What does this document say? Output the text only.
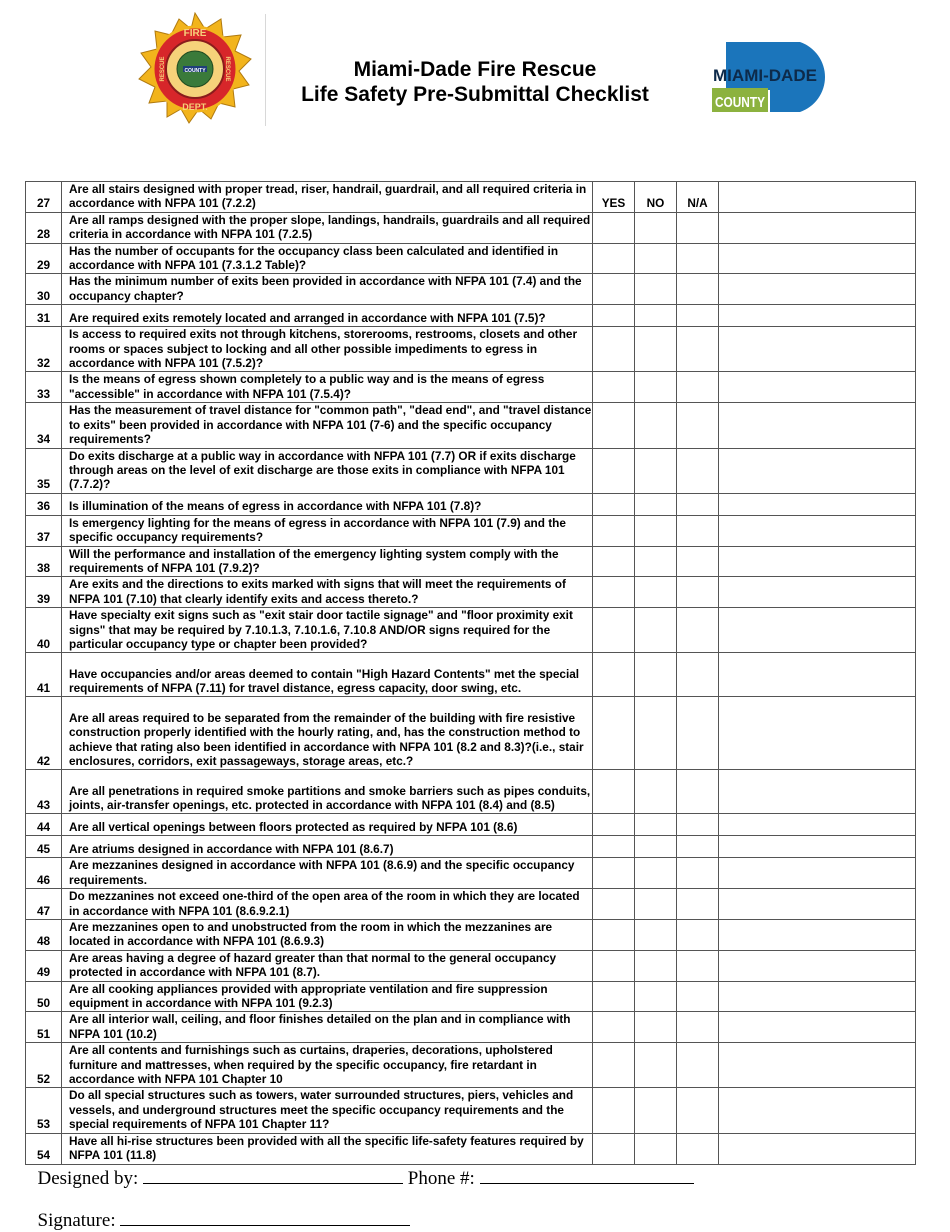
FIRE
DEPT.
COUNTY
RESCUE	RESCUE	Miami-Dade Fire Rescue
Life Safety Pre-Submittal Checklist
MIAMI-DADE
COUNTY
27	Are all stairs designed with proper tread, riser, handrail, guardrail, and all required criteria in accordance with NFPA 101 (7.2.2)	YES	NO	N/A	
28	Are all ramps designed with the proper slope, landings, handrails, guardrails and all required criteria in accordance with NFPA 101 (7.2.5)				
29	Has the number of occupants for the occupancy class been calculated and identified in accordance with NFPA 101 (7.3.1.2 Table)?				
30	Has the minimum number of exits been provided in accordance with NFPA 101 (7.4) and the occupancy chapter?				
31	Are required exits remotely located and arranged in accordance with NFPA 101 (7.5)?				
32	Is access to required exits not through kitchens, storerooms, restrooms, closets and other rooms or spaces subject to locking and all other possible impediments to egress in accordance with NFPA 101 (7.5.2)?				
33	Is the means of egress shown completely to a public way and is the means of egress "accessible" in accordance with NFPA 101 (7.5.4)?				
34	Has the measurement of travel distance for "common path", "dead end", and "travel distance to exits" been provided in accordance with NFPA 101 (7-6) and the specific occupancy requirements?				
35	Do exits discharge at a public way in accordance with NFPA 101 (7.7) OR if exits discharge through areas on the level of exit discharge are those exits in compliance with NFPA 101 (7.7.2)?				
36	Is illumination of the means of egress in accordance with NFPA 101 (7.8)?				
37	Is emergency lighting for the means of egress in accordance with NFPA 101 (7.9) and the specific occupancy requirements?				
38	Will the performance and installation of the emergency lighting system comply with the requirements of NFPA 101 (7.9.2)?				
39	Are exits and the directions to exits marked with signs that will meet the requirements of NFPA 101 (7.10) that clearly identify exits and access thereto.?				
40	Have specialty exit signs such as "exit stair door tactile signage" and "floor proximity exit signs" that may be required by 7.10.1.3, 7.10.1.6, 7.10.8 AND/OR signs required for the particular occupancy type or chapter been provided?				
41	Have occupancies and/or areas deemed to contain "High Hazard Contents" met the special requirements of NFPA (7.11) for travel distance, egress capacity, door swing, etc.				
42	Are all areas required to be separated from the remainder of the building with fire resistive construction properly identified with the hourly rating, and, has the construction method to achieve that rating also been identified in accordance with NFPA 101 (8.2 and 8.3)?(i.e., stair enclosures, corridors, exit passageways, storage areas, etc.?				
43	Are all penetrations in required smoke partitions and smoke barriers such as pipes conduits, joints, air-transfer openings, etc. protected in accordance with NFPA 101 (8.4) and (8.5)				
44	Are all vertical openings between floors protected as required by NFPA 101 (8.6)				
45	Are atriums designed in accordance with NFPA 101 (8.6.7)				
46	Are mezzanines designed in accordance with NFPA 101 (8.6.9) and the specific occupancy requirements.				
47	Do mezzanines not exceed one-third of the open area of the room in which they are located in accordance with NFPA 101 (8.6.9.2.1)				
48	Are mezzanines open to and unobstructed from the room in which the mezzanines are located in accordance with NFPA 101 (8.6.9.3)				
49	Are areas having a degree of hazard greater than that normal to the general occupancy protected in accordance with NFPA 101 (8.7).				
50	Are all cooking appliances provided with appropriate ventilation and fire suppression equipment in accordance with NFPA 101 (9.2.3)				
51	Are all interior wall, ceiling, and floor finishes detailed on the plan and in compliance with NFPA 101 (10.2)				
52	Are all contents and furnishings such as curtains, draperies, decorations, upholstered furniture and mattresses, when required by the specific occupancy, fire retardant in accordance with NFPA 101 Chapter 10				
53	Do all special structures such as towers, water surrounded structures, piers, vehicles and vessels, and underground structures meet the specific occupancy requirements and the special requirements of NFPA 101 Chapter 11?				
54	Have all hi-rise structures been provided with all the specific life-safety features required by NFPA 101 (11.8)				

Designed by:	Phone #:

Signature:
